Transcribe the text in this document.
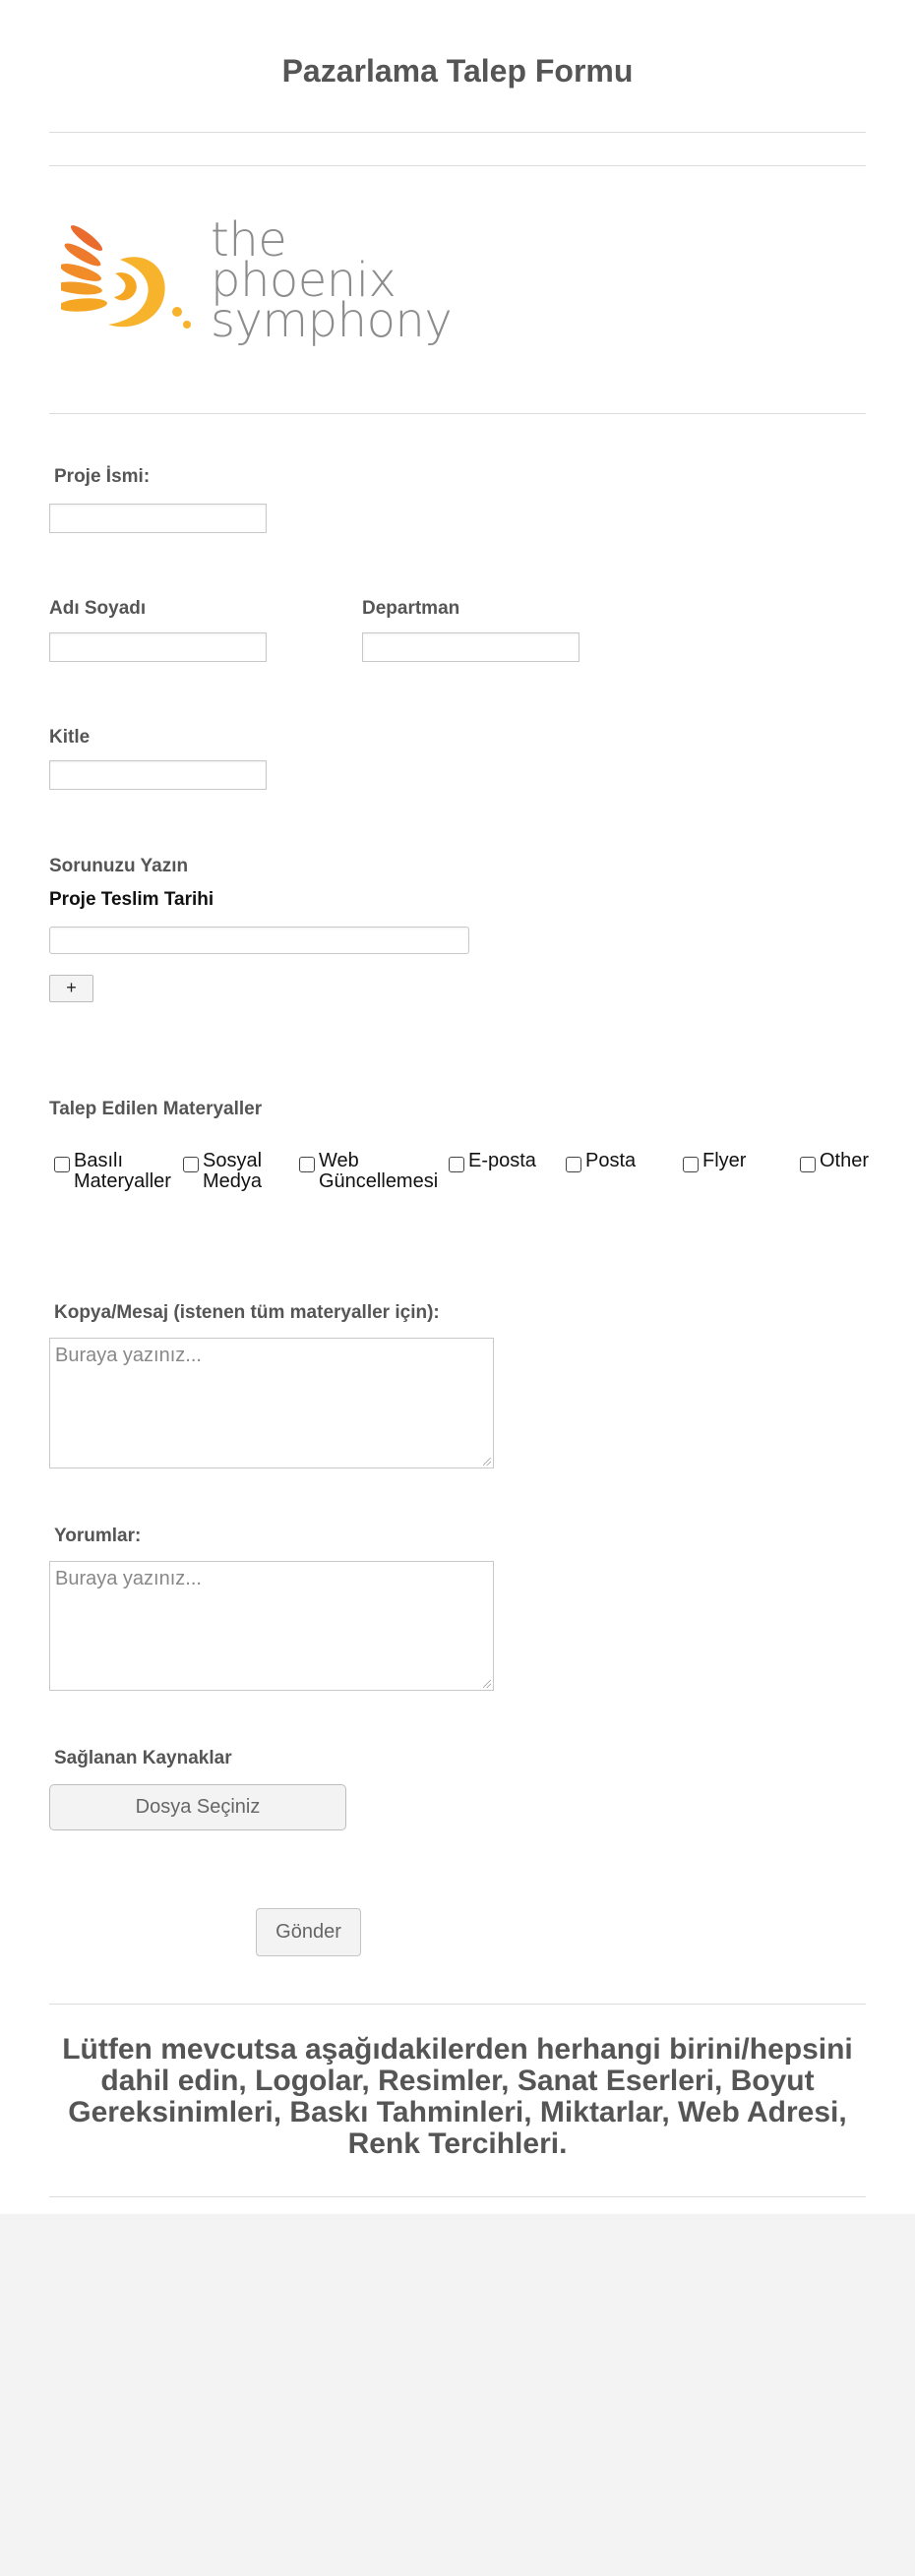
Pazarlama Talep Formu
the
phoenix
symphony
Proje İsmi:
Adı Soyadı	Departman
Kitle
Sorunuzu Yazın
Proje Teslim Tarihi
+
Talep Edilen Materyaller
Basılı
Materyaller
Sosyal
Medya
Web
Güncellemesi
E-posta	Posta	Flyer	Other
Kopya/Mesaj (istenen tüm materyaller için):
Buraya yazınız...
Yorumlar:
Buraya yazınız...
Sağlanan Kaynaklar
Dosya Seçiniz
Gönder
Lütfen mevcutsa aşağıdakilerden herhangi birini/hepsini dahil edin, Logolar, Resimler, Sanat Eserleri, Boyut Gereksinimleri, Baskı Tahminleri, Miktarlar, Web Adresi, Renk Tercihleri.
